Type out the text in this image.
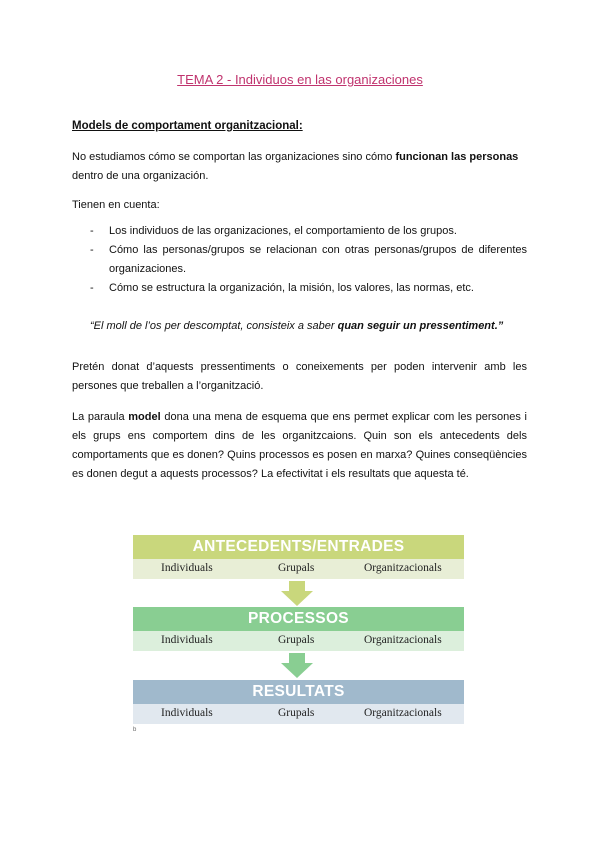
TEMA 2 - Individuos en las organizaciones
Models de comportament organitzacional:
No estudiamos cómo se comportan las organizaciones sino cómo funcionan las personas dentro de una organización.
Tienen en cuenta:
- Los individuos de las organizaciones, el comportamiento de los grupos.
- Cómo las personas/grupos se relacionan con otras personas/grupos de diferentes organizaciones.
- Cómo se estructura la organización, la misión, los valores, las normas, etc.
“El moll de l’os per descomptat, consisteix a saber quan seguir un pressentiment.”
Pretén donat d’aquests pressentiments o coneixements per poden intervenir amb les persones que treballen a l’organització.
La paraula model dona una mena de esquema que ens permet explicar com les persones i els grups ens comportem dins de les organitzcaions. Quin son els antecedents dels comportaments que es donen? Quins processos es posen en marxa? Quines conseqüències es donen degut a aquests processos? La efectivitat i els resultats que aquesta té.
ANTECEDENTS/ENTRADES
Individuals	Grupals	Organitzacionals
PROCESSOS
Individuals	Grupals	Organitzacionals
RESULTATS
Individuals	Grupals	Organitzacionals
b
